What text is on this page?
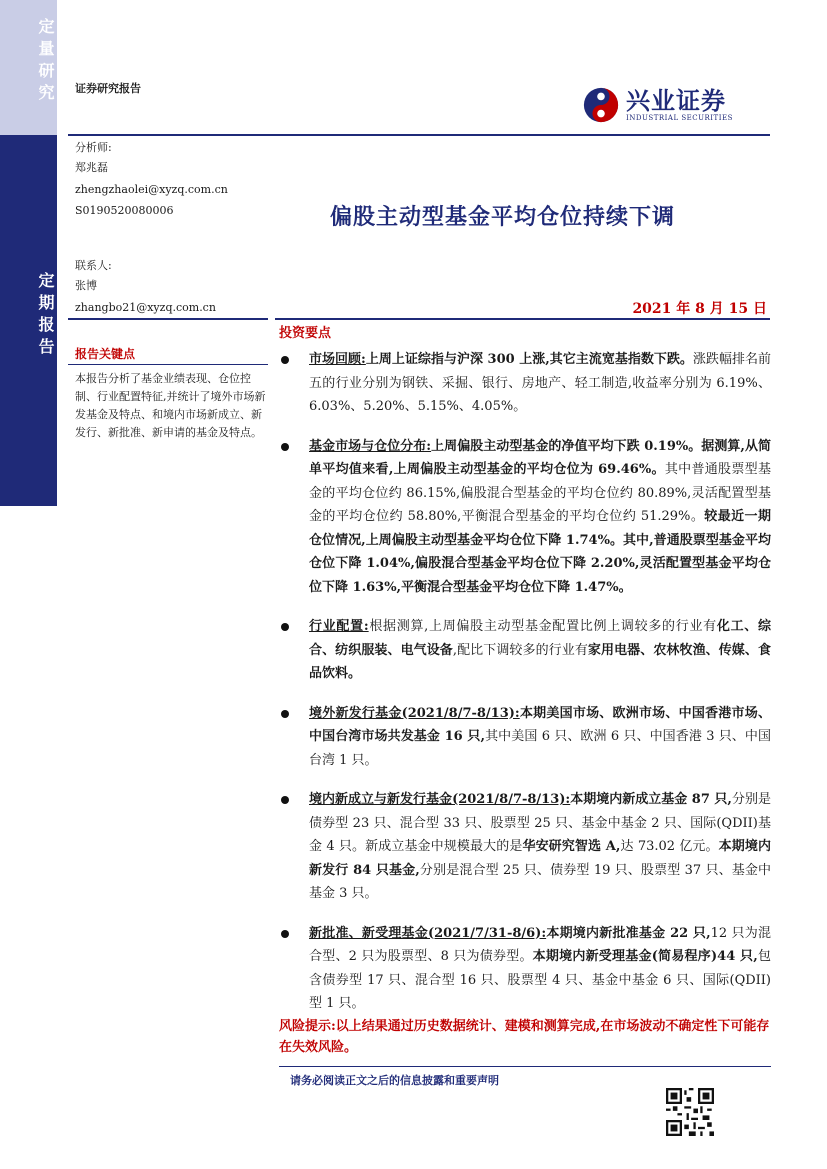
定量研究
定期报告
证券研究报告	兴业证券
INDUSTRIAL SECURITIES
分析师:
郑兆磊
zhengzhaolei@xyzq.com.cn
S0190520080006
联系人:
张博
zhangbo21@xyzq.com.cn
偏股主动型基金平均仓位持续下调
2021 年 8 月 15 日
报告关键点
本报告分析了基金业绩表现、仓位控制、行业配置特征,并统计了境外市场新发基金及特点、和境内市场新成立、新发行、新批准、新申请的基金及特点。
投资要点
市场回顾:上周上证综指与沪深 300 上涨,其它主流宽基指数下跌。涨跌幅排名前五的行业分别为钢铁、采掘、银行、房地产、轻工制造,收益率分别为 6.19%、6.03%、5.20%、5.15%、4.05%。
基金市场与仓位分布:上周偏股主动型基金的净值平均下跌 0.19%。据测算,从简单平均值来看,上周偏股主动型基金的平均仓位为 69.46%。其中普通股票型基金的平均仓位约 86.15%,偏股混合型基金的平均仓位约 80.89%,灵活配置型基金的平均仓位约 58.80%,平衡混合型基金的平均仓位约 51.29%。较最近一期仓位情况,上周偏股主动型基金平均仓位下降 1.74%。其中,普通股票型基金平均仓位下降 1.04%,偏股混合型基金平均仓位下降 2.20%,灵活配置型基金平均仓位下降 1.63%,平衡混合型基金平均仓位下降 1.47%。
行业配置:根据测算,上周偏股主动型基金配置比例上调较多的行业有化工、综合、纺织服装、电气设备,配比下调较多的行业有家用电器、农林牧渔、传媒、食品饮料。
境外新发行基金(2021/8/7-8/13):本期美国市场、欧洲市场、中国香港市场、中国台湾市场共发基金 16 只,其中美国 6 只、欧洲 6 只、中国香港 3 只、中国台湾 1 只。
境内新成立与新发行基金(2021/8/7-8/13):本期境内新成立基金 87 只,分别是债券型 23 只、混合型 33 只、股票型 25 只、基金中基金 2 只、国际(QDII)基金 4 只。新成立基金中规模最大的是华安研究智选 A,达 73.02 亿元。本期境内新发行 84 只基金,分别是混合型 25 只、债券型 19 只、股票型 37 只、基金中基金 3 只。
新批准、新受理基金(2021/7/31-8/6):本期境内新批准基金 22 只,12 只为混合型、2 只为股票型、8 只为债券型。本期境内新受理基金(简易程序)44 只,包含债券型 17 只、混合型 16 只、股票型 4 只、基金中基金 6 只、国际(QDII)型 1 只。
风险提示:以上结果通过历史数据统计、建模和测算完成,在市场波动不确定性下可能存在失效风险。
请务必阅读正文之后的信息披露和重要声明
